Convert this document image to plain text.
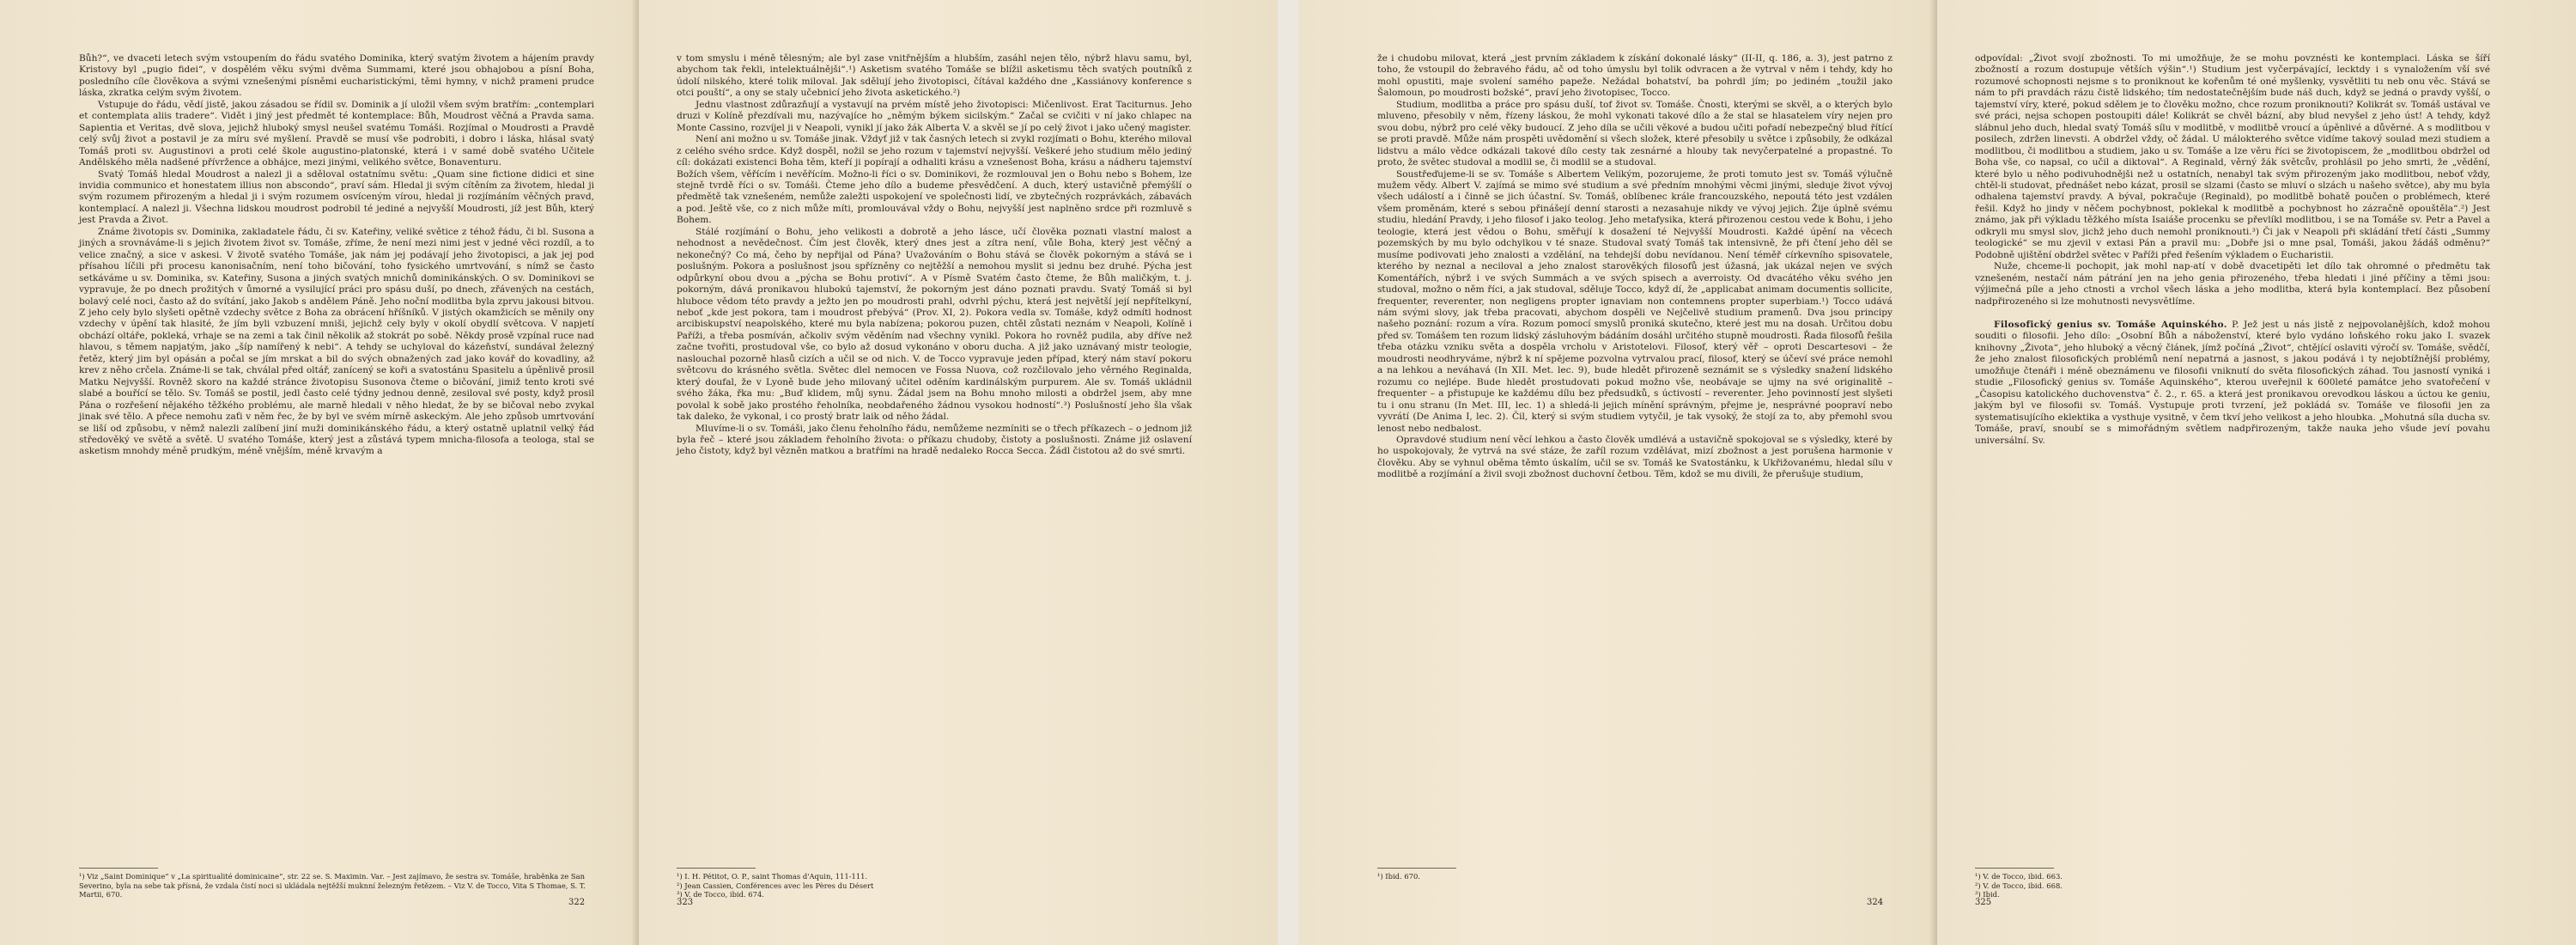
Bůh?“, ve dvaceti letech svým vstoupením do řádu svatého Dominika, který svatým životem a hájením pravdy Kristovy byl „pugio fidei“, v dospělém věku svými dvěma Summami, které jsou obhajobou a písní Boha, posledního cíle člověkova a svými vznešenými písněmi eucharistickými, těmi hymny, v nichž prameni prudce láska, zkratka celým svým životem.

Vstupuje do řádu, vědí jistě, jakou zásadou se řídil sv. Dominik a jí uložil všem svým bratřím: „contemplari et contemplata aliis tradere“. Vidět i jiný jest předmět té kontemplace: Bůh, Moudrost věčná a Pravda sama. Sapientia et Veritas, dvě slova, jejichž hluboký smysl neušel svatému Tomáši. Rozjímal o Moudrosti a Pravdě celý svůj život a postavil je za míru své myšlení. Pravdě se musí vše podrobiti, i dobro i láska, hlásal svatý Tomáš proti sv. Augustinovi a proti celé škole augustino-platonské, která i v samé době svatého Učitele Andělského měla nadšené přívržence a obhájce, mezi jinými, velikého světce, Bonaventuru.

Svatý Tomáš hledal Moudrost a nalezl ji a sděloval ostatnímu světu: „Quam sine fictione didici et sine invidia communico et honestatem illius non abscondo“, praví sám. Hledal ji svým cítěním za životem, hledal ji svým rozumem přirozeným a hledal ji i svým rozumem osvíceným vírou, hledal ji rozjímáním věčných pravd, kontemplací. A nalezl ji. Všechna lidskou moudrost podrobil té jediné a nejvyšší Moudrosti, jíž jest Bůh, který jest Pravda a Život.

Známe životopis sv. Dominika, zakladatele řádu, či sv. Kateřiny, veliké světice z téhož řádu, či bl. Susona a jiných a srovnáváme-li s jejich životem život sv. Tomáše, zříme, že není mezi nimi jest v jedné věci rozdíl, a to velice značný, a sice v askesi. V životě svatého Tomáše, jak nám jej podávají jeho životopisci, a jak jej pod přísahou líčili při procesu kanonisačním, není toho bičování, toho fysického umrtvování, s nímž se často setkáváme u sv. Dominika, sv. Kateřiny, Susona a jiných svatých mnichů dominikánských. O sv. Dominikovi se vypravuje, že po dnech prožitých v ůmorné a vysilující práci pro spásu duší, po dnech, zřávených na cestách, bolavý celé noci, často až do svítání, jako Jakob s andělem Páně. Jeho noční modlitba byla zprvu jakousi bitvou. Z jeho cely bylo slyšeti opětně vzdechy světce z Boha za obrácení hříšníků. V jistých okamžicích se měnily ony vzdechy v úpění tak hlasité, že jím byli vzbuzení mniši, jejichž cely byly v okolí obydlí světcova. V napjetí obchází oltáře, pokleká, vrhaje se na zemi a tak činil několik až stokrát po sobě. Někdy prosě vzpínal ruce nad hlavou, s těmem napjatým, jako „šíp namířený k nebi“. A tehdy se uchyloval do kázeňství, sundával železný řetěz, který jim byl opásán a počal se jím mrskat a bil do svých obnažených zad jako kovář do kovadliny, až krev z něho crčela. Známe-li se tak, chválal před oltář, zanícený se koři a svatostánu Spasitelu a úpěnlivě prosil Matku Nejvyšší. Rovněž skoro na každé stránce životopisu Susonova čteme o bičování, jimiž tento kroti své slabé a bouřící se tělo. Sv. Tomáš se postil, jedl často celé týdny jednou denně, zesiloval své posty, když prosil Pána o rozřešení nějakého těžkého problému, ale marně hledali v něho hledat, že by se bičoval nebo zvykal jinak své tělo. A přece nemohu zaťi v něm řec, že by byl ve svém mírně askeckým. Ale jeho způsob umrtvování se liší od způsobu, v němž nalezli zalíbení jiní muži dominikánského řádu, a který ostatně uplatnil velký řád středověký ve světě a světě. U svatého Tomáše, který jest a zůstává typem mnicha-filosofa a teologa, stal se asketism mnohdy méně prudkým, méně vnějším, méně krvavým a

¹) Viz „Saint Dominique“ v „La spiritualité dominicaine“, str. 22 se. S. Maximin. Var. – Jest zajímavo, že sestra sv. Tomáše, hraběnka ze San Severino, byla na sebe tak přísná, že vzdala čistí noci si ukládala nejtěžší muknní železným řetězem. – Viz V. de Tocco, Vita S Thomae, S. T. Martii, 670.

322

v tom smyslu i méně tělesným; ale byl zase vnitřnějším a hlubším, zasáhl nejen tělo, nýbrž hlavu samu, byl, abychom tak řekli, intelektuálnějši“.¹) Asketism svatého Tomáše se blížil asketismu těch svatých poutníků z údolí nilského, které tolik miloval. Jak sdělují jeho životopisci, čítával každého dne „Kassiánovy konference s otci pouští“, a ony se staly učebnicí jeho života asketického.²)

Jednu vlastnost zdůrazňují a vystavují na prvém místě jeho životopisci: Mičenlivost. Erat Taciturnus. Jeho druzi v Kolíně přezdívali mu, nazývajíce ho „němým býkem sicilským.“ Začal se cvičiti v ní jako chlapec na Monte Cassino, rozvíjel ji v Neapoli, vynikl jí jako žák Alberta V. a skvěl se jí po celý život i jako učený magister.

Není ani možno u sv. Tomáše jinak. Vždyť již v tak časných letech si zvykl rozjímati o Bohu, kterého miloval z celého svého srdce. Když dospěl, nožil se jeho rozum v tajemství nejvyšší. Veškeré jeho studium mělo jediný cíl: dokázati existenci Boha těm, kteří ji popírají a odhaliti krásu a vznešenost Boha, krásu a nádheru tajemství Božích všem, věřícím i nevěřícím. Možno-li říci o sv. Dominikovi, že rozmlouval jen o Bohu nebo s Bohem, lze stejně tvrdě říci o sv. Tomáši. Čteme jeho dílo a budeme přesvědčení. A duch, který ustavičně přemýšlí o předmětě tak vznešeném, nemůže zaležti uspokojení ve společnosti lidí, ve zbytečných rozprávkách, zábavách a pod. Ještě vše, co z nich může míti, promlouvával vždy o Bohu, nejvyšší jest naplněno srdce při rozmluvě s Bohem.

Stálé rozjímání o Bohu, jeho velikosti a dobrotě a jeho lásce, učí člověka poznati vlastní malost a nehodnost a nevědečnost. Čím jest člověk, který dnes jest a zítra není, vůle Boha, který jest věčný a nekonečný? Co má, čeho by nepřijal od Pána? Uvažováním o Bohu stává se člověk pokorným a stává se i poslušným. Pokora a poslušnost jsou spřízněny co nejtěžší a nemohou myslit si jednu bez druhé. Pýcha jest odpůrkyní obou dvou a „pýcha se Bohu protiví“. A v Písmě Svatém často čteme, že Bůh maličkým, t. j. pokorným, dává pronikavou hlubokú tajemství, že pokorným jest dáno poznati pravdu. Svatý Tomáš si byl hluboce vědom této pravdy a ježto jen po moudrosti prahl, odvrhl pýchu, která jest největší její nepřítelkyní, neboť „kde jest pokora, tam i moudrost přebývá“ (Prov. XI, 2). Pokora vedla sv. Tomáše, když odmítl hodnost arcibiskupství neapolského, které mu byla nabízena; pokorou puzen, chtěl zůstati neznám v Neapoli, Kolíně i Paříži, a třeba posmíván, ačkoliv svým věděním nad všechny vynikl. Pokora ho rovněž pudila, aby dříve než začne tvořiti, prostudoval vše, co bylo až dosud vykonáno v oboru ducha. A již jako uznávaný mistr teologie, naslouchal pozorně hlasů cizích a učil se od nich. V. de Tocco vypravuje jeden případ, který nám staví pokoru světcovu do krásného světla. Světec dlel nemocen ve Fossa Nuova, což rozčilovalo jeho věrného Reginalda, který doufal, že v Lyoně bude jeho milovaný učitel oděním kardinálským purpurem. Ale sv. Tomáš ukládnil svého žáka, řka mu: „Buď klidem, můj synu. Žádal jsem na Bohu mnoho milosti a obdržel jsem, aby mne povolal k sobě jako prostého řeholníka, neobdařeného žádnou vysokou hodností“.³) Poslušností jeho šla však tak daleko, že vykonal, i co prostý bratr laik od něho žádal.

Mluvíme-li o sv. Tomáši, jako členu řeholního řádu, nemůžeme nezmíniti se o třech příkazech – o jednom již byla řeč – které jsou základem řeholního života: o příkazu chudoby, čistoty a poslušnosti. Známe již oslavení jeho čistoty, když byl vězněn matkou a bratřími na hradě nedaleko Rocca Secca. Žádl čistotou až do své smrti.

¹) I. H. Pétitot, O. P., saint Thomas d'Aquin, 111-111.

²) Jean Cassien, Conférences avec les Pères du Désert

³) V. de Tocco, ibid. 674.

323

že i chudobu milovat, která „jest prvním základem k získání dokonalé lásky“ (II-II, q. 186, a. 3), jest patrno z toho, že vstoupil do žebravého řádu, ač od toho úmyslu byl tolik odvracen a že vytrval v něm i tehdy, kdy ho mohl opustiti, maje svolení samého papeže. Nežádal bohatství, ba pohrdl jím; po jediném „toužil jako Šalomoun, po moudrosti božské“, praví jeho životopisec, Tocco.

Studium, modlitba a práce pro spásu duší, tof život sv. Tomáše. Čnosti, kterými se skvěl, a o kterých bylo mluveno, přesobily v něm, řízeny láskou, že mohl vykonati takové dílo a že stal se hlasatelem víry nejen pro svou dobu, nýbrž pro celé věky budoucí. Z jeho díla se učili věkové a budou učiti pořadí nebezpečný blud řítící se proti pravdě. Může nám prospěti uvědomění si všech složek, které přesobily u světce i způsobily, že odkázal lidstvu a málo vědce odkázali takové dílo cesty tak zesnárné a hlouby tak nevyčerpatelné a propastné. To proto, že světec studoval a modlil se, či modlil se a studoval.

Soustřeďujeme-li se sv. Tomáše s Albertem Velikým, pozorujeme, že proti tomuto jest sv. Tomáš výlučně mužem vědy. Albert V. zajímá se mimo své studium a své předním mnohými věcmi jinými, sleduje život vývoj všech událostí a i činně se jich účastní. Sv. Tomáš, oblíbenec krále francouzského, nepoutá této jest vzdálen všem proměnám, které s sebou přinášejí denní starosti a nezasahuje nikdy ve vývoj jejich. Žije úplně svému studiu, hledání Pravdy, i jeho filosof i jako teolog. Jeho metafysika, která přirozenou cestou vede k Bohu, i jeho teologie, která jest vědou o Bohu, směřují k dosažení té Nejvyšší Moudrosti. Každé úpění na věcech pozemských by mu bylo odchylkou v té snaze. Studoval svatý Tomáš tak intensivně, že při čtení jeho děl se musíme podivovati jeho znalosti a vzdělání, na tehdejší dobu nevídanou. Není téměř církevního spisovatele, kterého by neznal a neciloval a jeho znalost starověkých filosofů jest úžasná, jak ukázal nejen ve svých Komentářích, nýbrž i ve svých Summách a ve svých spisech a averroisty. Od dvacátého věku svého jen studoval, možno o něm říci, a jak studoval, sděluje Tocco, když dí, že „applicabat animam documentis sollicite, frequenter, reverenter, non negligens propter ignaviam non contemnens propter superbiam.¹) Tocco udává nám svými slovy, jak třeba pracovati, abychom dospěli ve Nejčelivě studium pramenů. Dva jsou principy našeho poznání: rozum a víra. Rozum pomocí smyslů proniká skutečno, které jest mu na dosah. Určitou dobu před sv. Tomášem ten rozum lidský zásluhovým bádáním dosáhl určitého stupně moudrosti. Řada filosofů řešila třeba otázku vzniku světa a dospěla vrcholu v Aristotelovi. Filosof, který věř – oproti Descartesovi – že moudrosti neodhryváme, nýbrž k ní spějeme pozvolna vytrvalou prací, filosof, který se účeví své práce nemohl a na lehkou a neváhavá (In XII. Met. lec. 9), bude hledět přirozeně seznámit se s výsledky snažení lidského rozumu co nejlépe. Bude hledět prostudovati pokud možno vše, neobávaje se ujmy na své originalitě – frequenter – a přistupuje ke každému dílu bez předsudků, s úctivostí – reverenter. Jeho povinností jest slyšeti tu i onu stranu (In Met. III, lec. 1) a shledá-li jejich mínění správným, přejme je, nesprávné poopraví nebo vyvrátí (De Anima I, lec. 2). Čil, který si svým studiem vytyčil, je tak vysoký, že stojí za to, aby přemohl svou lenost nebo nedbalost.

Opravdové studium není věcí lehkou a často člověk umdlévá a ustavičně spokojoval se s výsledky, které by ho uspokojovaly, že vytrvá na své stáze, že zaříl rozum vzdělávat, mizí zbožnost a jest porušena harmonie v člověku. Aby se vyhnul oběma těmto úskalím, učil se sv. Tomáš ke Svatostánku, k Ukřižovanému, hledal sílu v modlitbě a rozjímání a živil svoji zbožnost duchovní četbou. Těm, kdož se mu divili, že přerušuje studium,

¹) Ibid. 670.

324

odpovídal: „Život svojí zbožnosti. To mi umožňuje, že se mohu povznésti ke kontemplaci. Láska se šíří zbožností a rozum dostupuje větších výšin“.¹) Studium jest vyčerpávající, lecktdy i s vynaložením vší své rozumové schopnosti nejsme s to proniknout ke kořenům té oné myšlenky, vysvětliti tu neb onu věc. Stává se nám to při pravdách rázu čistě lidského; tím nedostatečnějším bude náš duch, když se jedná o pravdy vyšší, o tajemství víry, které, pokud sdělem je to člověku možno, chce rozum proniknouti? Kolikrát sv. Tomáš ustával ve své práci, nejsa schopen postoupiti dále! Kolikrát se chvěl bázní, aby blud nevyšel z jeho úst! A tehdy, když slábnul jeho duch, hledal svatý Tomáš sílu v modlitbě, v modlitbě vroucí a úpěnlivé a důvěrné. A s modlitbou v posilech, zdržen linevsti. A obdržel vždy, oč žádal. U málokterého světce vidíme takový soulad mezi studiem a modlitbou, či modlitbou a studiem, jako u sv. Tomáše a lze věru říci se životopiscem, že „modlitbou obdržel od Boha vše, co napsal, co učil a diktoval“. A Reginald, věrný žák světcův, prohlásil po jeho smrti, že „vědění, které bylo u něho podivuhodnějši než u ostatních, nenabyl tak svým přirozeným jako modlitbou, neboť vždy, chtěl-li studovat, přednášet nebo kázat, prosil se slzami (často se mluví o slzách u našeho světce), aby mu byla odhalena tajemství pravdy. A býval, pokračuje (Reginald), po modlitbě bohatě poučen o problémech, které řešil. Když ho jindy v něčem pochybnost, poklekal k modlitbě a pochybnost ho zázračně opouštěla“.²) Jest známo, jak při výkladu těžkého místa Isaiáše procenku se převlíkl modlitbou, i se na Tomáše sv. Petr a Pavel a odkryli mu smysl slov, jichž jeho duch nemohl proniknouti.³) Či jak v Neapoli při skládání třetí části „Summy teologické“ se mu zjevil v extasi Pán a pravil mu: „Dobře jsi o mne psal, Tomáši, jakou žádáš odměnu?“ Podobně ujištění obdržel světec v Paříži před řešením výkladem o Eucharistii.

Nuže, chceme-li pochopit, jak mohl nap-atí v době dvacetipěti let dílo tak ohromné o předmětu tak vznešeném, nestačí nám pátrání jen na jeho genia přirozeného, třeba hledati i jiné příčiny a těmi jsou: výjimečná píle a jeho ctnosti a vrchol všech láska a jeho modlitba, která byla kontemplací. Bez působení nadpřirozeného si lze mohutnosti nevysvětlíme.

Filosofický genius sv. Tomáše Aquinského. P. Jež jest u nás jistě z nejpovolanějších, kdož mohou souditi o filosofii. Jeho dílo: „Osobní Bůh a náboženství, které bylo vydáno loňského roku jako I. svazek knihovny „Života“, jeho hluboký a věcný článek, jímž počíná „Život“, chtějící oslaviti výročí sv. Tomáše, svědčí, že jeho znalost filosofických problémů není nepatrná a jasnost, s jakou podává i ty nejobtížnější problémy, umožňuje čtenáři i méně obeznámenu ve filosofii vniknutí do světa filosofických záhad. Tou jasností vyniká i studie „Filosofický genius sv. Tomáše Aquinského“, kterou uveřejnil k 600leté památce jeho svatořečení v „Časopisu katolického duchovenstva“ č. 2., r. 65. a která jest pronikavou orevodkou láskou a úctou ke geniu, jakým byl ve filosofii sv. Tomáš. Vystupuje proti tvrzení, jež pokládá sv. Tomáše ve filosofii jen za systematisujícího eklektika a vysthuje vysitně, v čem tkví jeho velikost a jeho hloubka. „Mohutná síla ducha sv. Tomáše, praví, snoubí se s mimořádným světlem nadpřirozeným, takže nauka jeho všude jeví povahu universální. Sv.

¹) V. de Tocco, ibid. 663.

²) V. de Tocco, ibid. 668.

³) Ibid.

325
